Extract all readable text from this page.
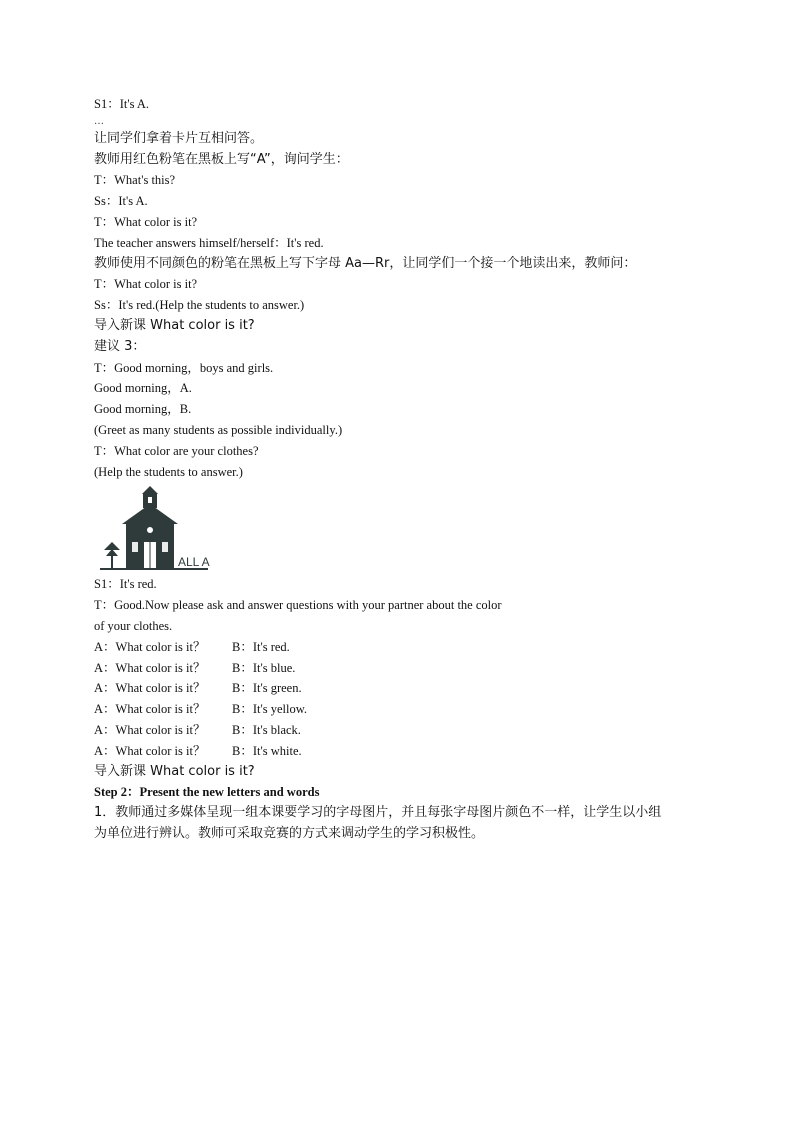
S1：It's A.
…
让同学们拿着卡片互相问答。
教师用红色粉笔在黑板上写“A”，询问学生：
T：What's this?
Ss：It's A.
T：What color is it?
The teacher answers himself/herself：It's red.
教师使用不同颜色的粉笔在黑板上写下字母 Aa—Rr，让同学们一个接一个地读出来，教师问：
T：What color is it?
Ss：It's red.(Help the students to answer.)
导入新课 What color is it?
建议 3：
T：Good morning，boys and girls.
Good morning，A.
Good morning，B.
(Greet as many students as possible individually.)
T：What color are your clothes?
(Help the students to answer.)
ALL A
S1：It's red.
T：Good.Now please ask and answer questions with your partner about the color
of your clothes.
A：What color is it？	B：It's red.
A：What color is it？	B：It's blue.
A：What color is it？	B：It's green.
A：What color is it？	B：It's yellow.
A：What color is it？	B：It's black.
A：What color is it？	B：It's white.
导入新课 What color is it?
Step 2：Present the new letters and words
1．教师通过多媒体呈现一组本课要学习的字母图片，并且每张字母图片颜色不一样，让学生以小组
为单位进行辨认。教师可采取竞赛的方式来调动学生的学习积极性。
